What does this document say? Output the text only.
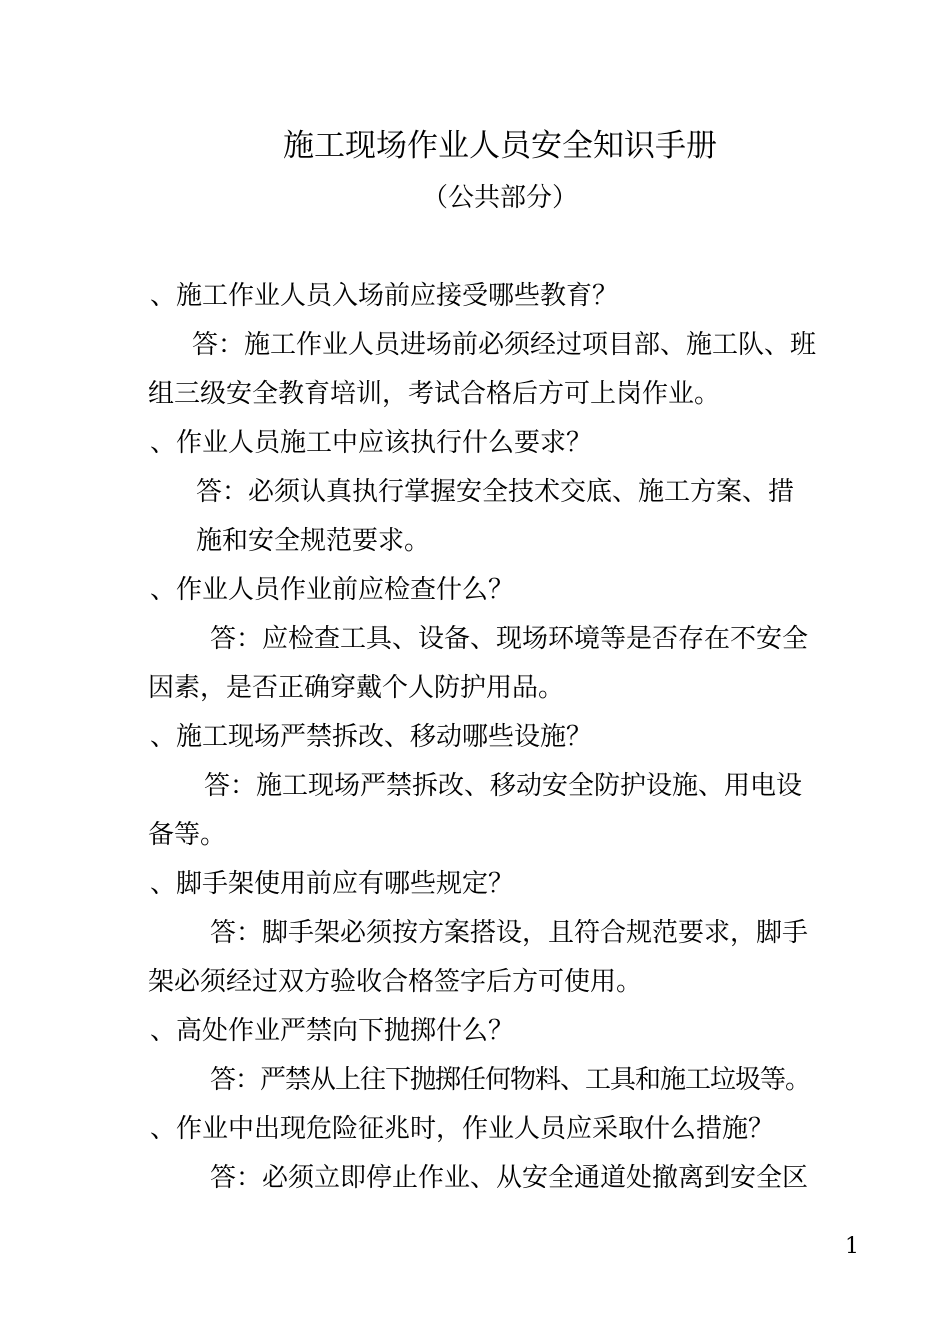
施工现场作业人员安全知识手册
（公共部分）
、施工作业人员入场前应接受哪些教育？
答：施工作业人员进场前必须经过项目部、施工队、班
组三级安全教育培训，考试合格后方可上岗作业。
、作业人员施工中应该执行什么要求？
答：必须认真执行掌握安全技术交底、施工方案、措
施和安全规范要求。
、作业人员作业前应检查什么？
答：应检查工具、设备、现场环境等是否存在不安全
因素，是否正确穿戴个人防护用品。
、施工现场严禁拆改、移动哪些设施？
答：施工现场严禁拆改、移动安全防护设施、用电设
备等。
、脚手架使用前应有哪些规定？
答：脚手架必须按方案搭设，且符合规范要求，脚手
架必须经过双方验收合格签字后方可使用。
、高处作业严禁向下抛掷什么？
答：严禁从上往下抛掷任何物料、工具和施工垃圾等。
、作业中出现危险征兆时，作业人员应采取什么措施？
答：必须立即停止作业、从安全通道处撤离到安全区
1
